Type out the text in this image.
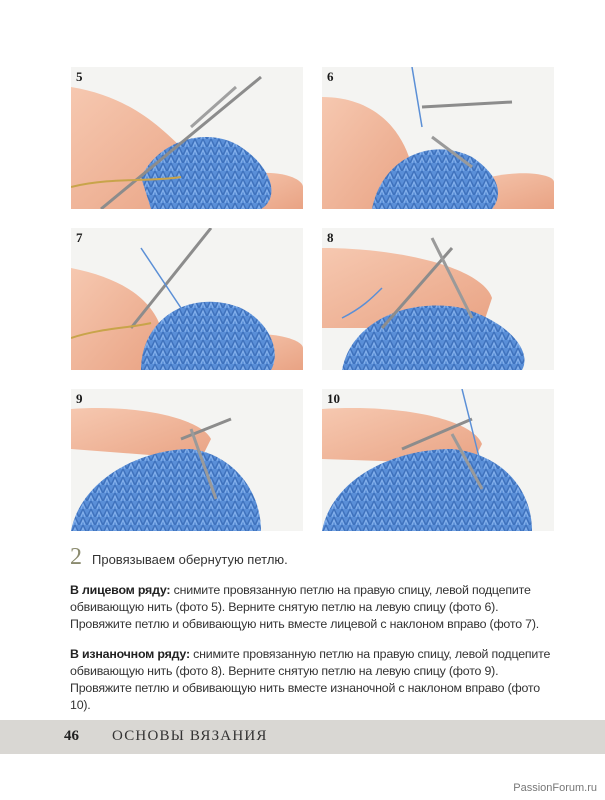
5	6
7	8
9	10
2 Провязываем обернутую петлю.
В лицевом ряду: снимите провязанную петлю на правую спицу, левой подцепите обвивающую нить (фото 5). Верните снятую петлю на левую спицу (фото 6). Провяжите петлю и обвивающую нить вместе лицевой с наклоном вправо (фото 7).
В изнаночном ряду: снимите провязанную петлю на правую спицу, левой подцепите обвивающую нить (фото 8). Верните снятую петлю на левую спицу (фото 9). Провяжите петлю и обвивающую нить вместе изнаночной с наклоном вправо (фото 10).
46 ОСНОВЫ ВЯЗАНИЯ
PassionForum.ru
